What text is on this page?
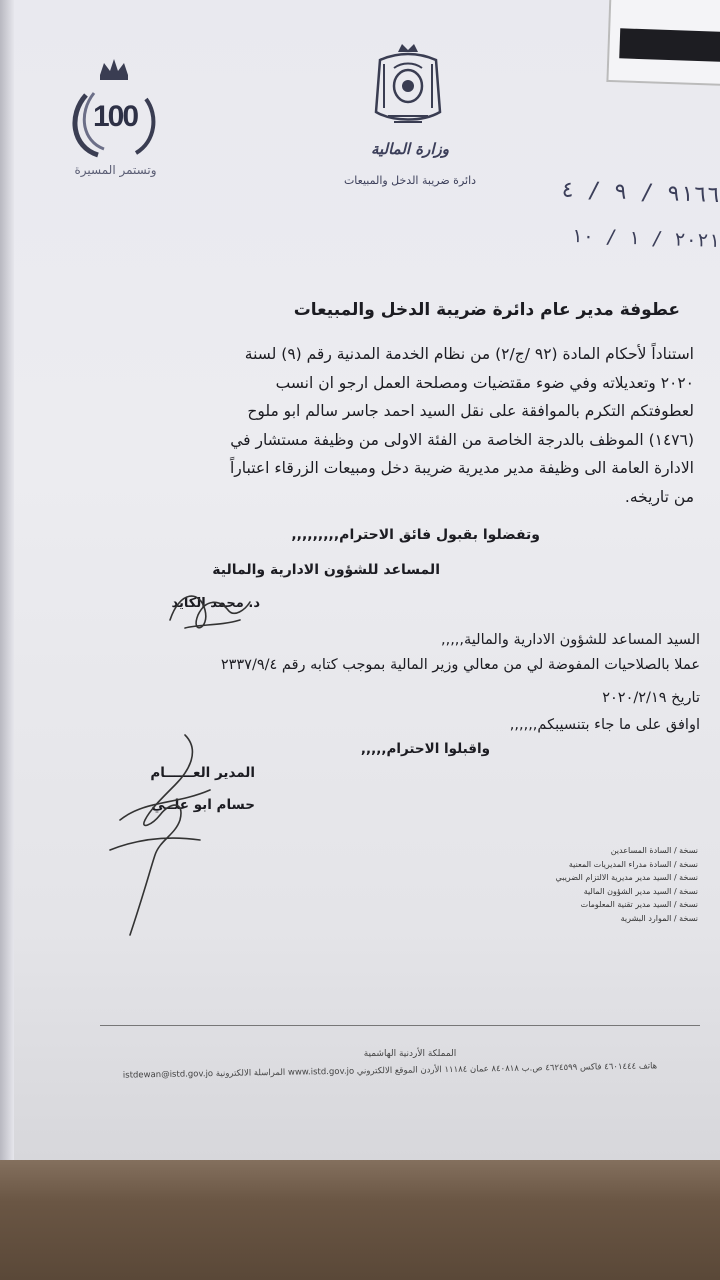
100
وتستمر المسيرة
وزارة المالية
دائرة ضريبة الدخل والمبيعات	٩١٦٦ / ٩ / ٤
٢٠٢١ / ١ / ١٠
عطوفة مدير عام دائرة ضريبة الدخل والمبيعات
استناداً لأحكام المادة (٩٢ /ج/٢) من نظام الخدمة المدنية رقم (٩) لسنة
٢٠٢٠ وتعديلاته وفي ضوء مقتضيات ومصلحة العمل ارجو ان انسب
لعطوفتكم التكرم بالموافقة على نقل السيد احمد جاسر سالم ابو ملوح
(١٤٧٦) الموظف بالدرجة الخاصة من الفئة الاولى من وظيفة مستشار في
الادارة العامة الى وظيفة مدير مديرية ضريبة دخل ومبيعات الزرقاء اعتباراً
من تاريخه.
وتفضلوا بقبول فائق الاحترام,,,,,,,,,
المساعد للشؤون الادارية والمالية
د. محمد الكايد
السيد المساعد للشؤون الادارية والمالية,,,,,
عملا بالصلاحيات المفوضة لي من معالي وزير المالية بموجب كتابه رقم ٢٣٣٧/٩/٤
تاريخ ٢٠٢٠/٢/١٩
اوافق على ما جاء بتنسيبكم,,,,,,
واقبلوا الاحترام,,,,,
المدير العــــــام
حسام ابو علــي
نسخة / السادة المساعدين
نسخة / السادة مدراء المديريات المعنية
نسخة / السيد مدير مديرية الالتزام الضريبي
نسخة / السيد مدير الشؤون المالية
نسخة / السيد مدير تقنية المعلومات
نسخة / الموارد البشرية
المملكة الأردنية الهاشمية
هاتف ٤٦٠١٤٤٤ فاكس ٤٦٢٤٥٩٩ ص.ب ٨٤٠٨١٨ عمان ١١١٨٤ الأردن الموقع الالكتروني www.istd.gov.jo المراسلة الالكترونية istdewan@istd.gov.jo
